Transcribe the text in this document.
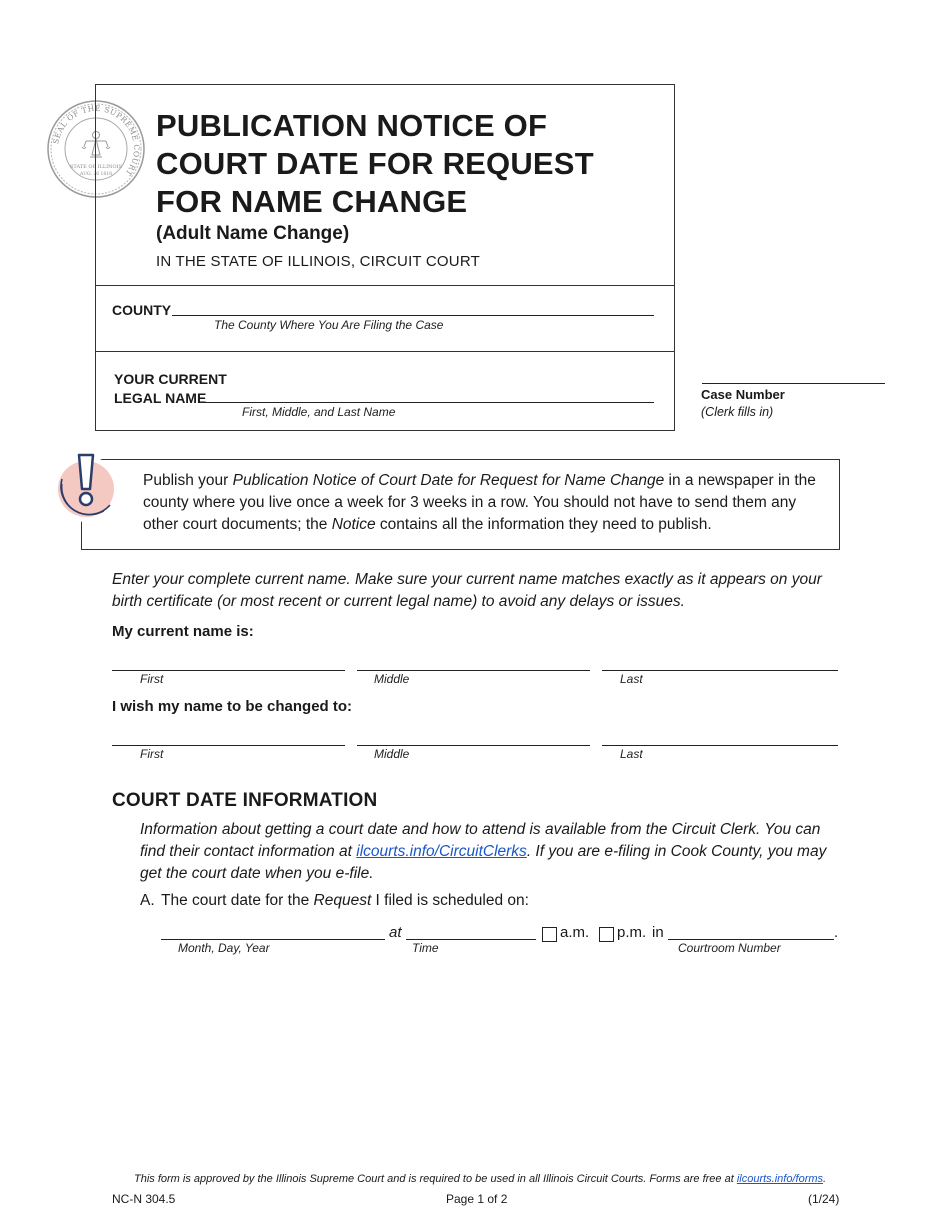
SEAL OF THE SUPREME COURT
STATE OF ILLINOIS
AUG. 26 1818
PUBLICATION NOTICE OF
COURT DATE FOR REQUEST
FOR NAME CHANGE
(Adult Name Change)
IN THE STATE OF ILLINOIS, CIRCUIT COURT
COUNTY
The County Where You Are Filing the Case
YOUR CURRENT
LEGAL NAME
First, Middle, and Last Name
Case Number
(Clerk fills in)
Publish your Publication Notice of Court Date for Request for Name Change in a newspaper in the county where you live once a week for 3 weeks in a row. You should not have to send them any other court documents; the Notice contains all the information they need to publish.
Enter your complete current name. Make sure your current name matches exactly as it appears on your birth certificate (or most recent or current legal name) to avoid any delays or issues.
My current name is:
First	Middle	Last
I wish my name to be changed to:
First	Middle	Last
COURT DATE INFORMATION
Information about getting a court date and how to attend is available from the Circuit Clerk. You can find their contact information at ilcourts.info/CircuitClerks. If you are e-filing in Cook County, you may get the court date when you e-file.
A. The court date for the Request I filed is scheduled on:
at	a.m. p.m. in	.
Month, Day, Year	Time	Courtroom Number
This form is approved by the Illinois Supreme Court and is required to be used in all Illinois Circuit Courts. Forms are free at ilcourts.info/forms.
NC-N 304.5	Page 1 of 2	(1/24)
